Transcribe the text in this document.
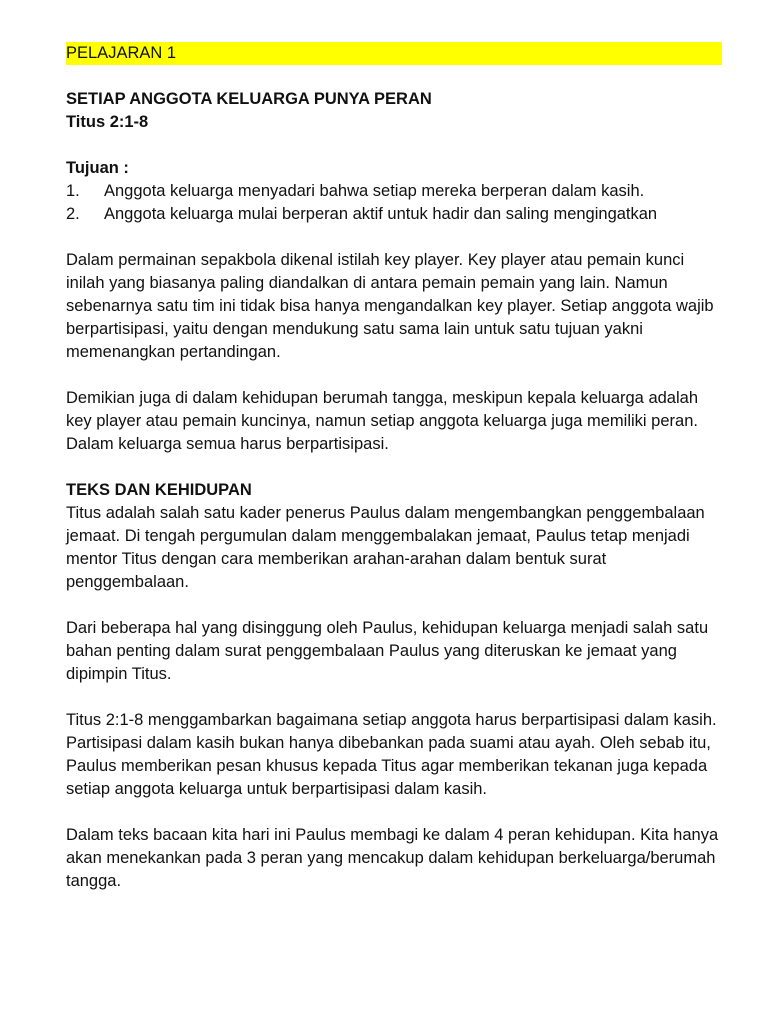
PELAJARAN 1
SETIAP ANGGOTA KELUARGA PUNYA PERAN
Titus 2:1-8
Tujuan :
1. Anggota keluarga menyadari bahwa setiap mereka berperan dalam kasih.
2. Anggota keluarga mulai berperan aktif untuk hadir dan saling mengingatkan

Dalam permainan sepakbola dikenal istilah key player. Key player atau pemain kunci inilah yang biasanya paling diandalkan di antara pemain pemain yang lain. Namun sebenarnya satu tim ini tidak bisa hanya mengandalkan key player. Setiap anggota wajib berpartisipasi, yaitu dengan mendukung satu sama lain untuk satu tujuan yakni memenangkan pertandingan.

Demikian juga di dalam kehidupan berumah tangga, meskipun kepala keluarga adalah key player atau pemain kuncinya, namun setiap anggota keluarga juga memiliki peran. Dalam keluarga semua harus berpartisipasi.

TEKS DAN KEHIDUPAN

Titus adalah salah satu kader penerus Paulus dalam mengembangkan penggembalaan jemaat. Di tengah pergumulan dalam menggembalakan jemaat, Paulus tetap menjadi mentor Titus dengan cara memberikan arahan-arahan dalam bentuk surat penggembalaan.

Dari beberapa hal yang disinggung oleh Paulus, kehidupan keluarga menjadi salah satu bahan penting dalam surat penggembalaan Paulus yang diteruskan ke jemaat yang dipimpin Titus.

Titus 2:1-8 menggambarkan bagaimana setiap anggota harus berpartisipasi dalam kasih. Partisipasi dalam kasih bukan hanya dibebankan pada suami atau ayah. Oleh sebab itu, Paulus memberikan pesan khusus kepada Titus agar memberikan tekanan juga kepada setiap anggota keluarga untuk berpartisipasi dalam kasih.

Dalam teks bacaan kita hari ini Paulus membagi ke dalam 4 peran kehidupan. Kita hanya akan menekankan pada 3 peran yang mencakup dalam kehidupan berkeluarga/berumah tangga.
